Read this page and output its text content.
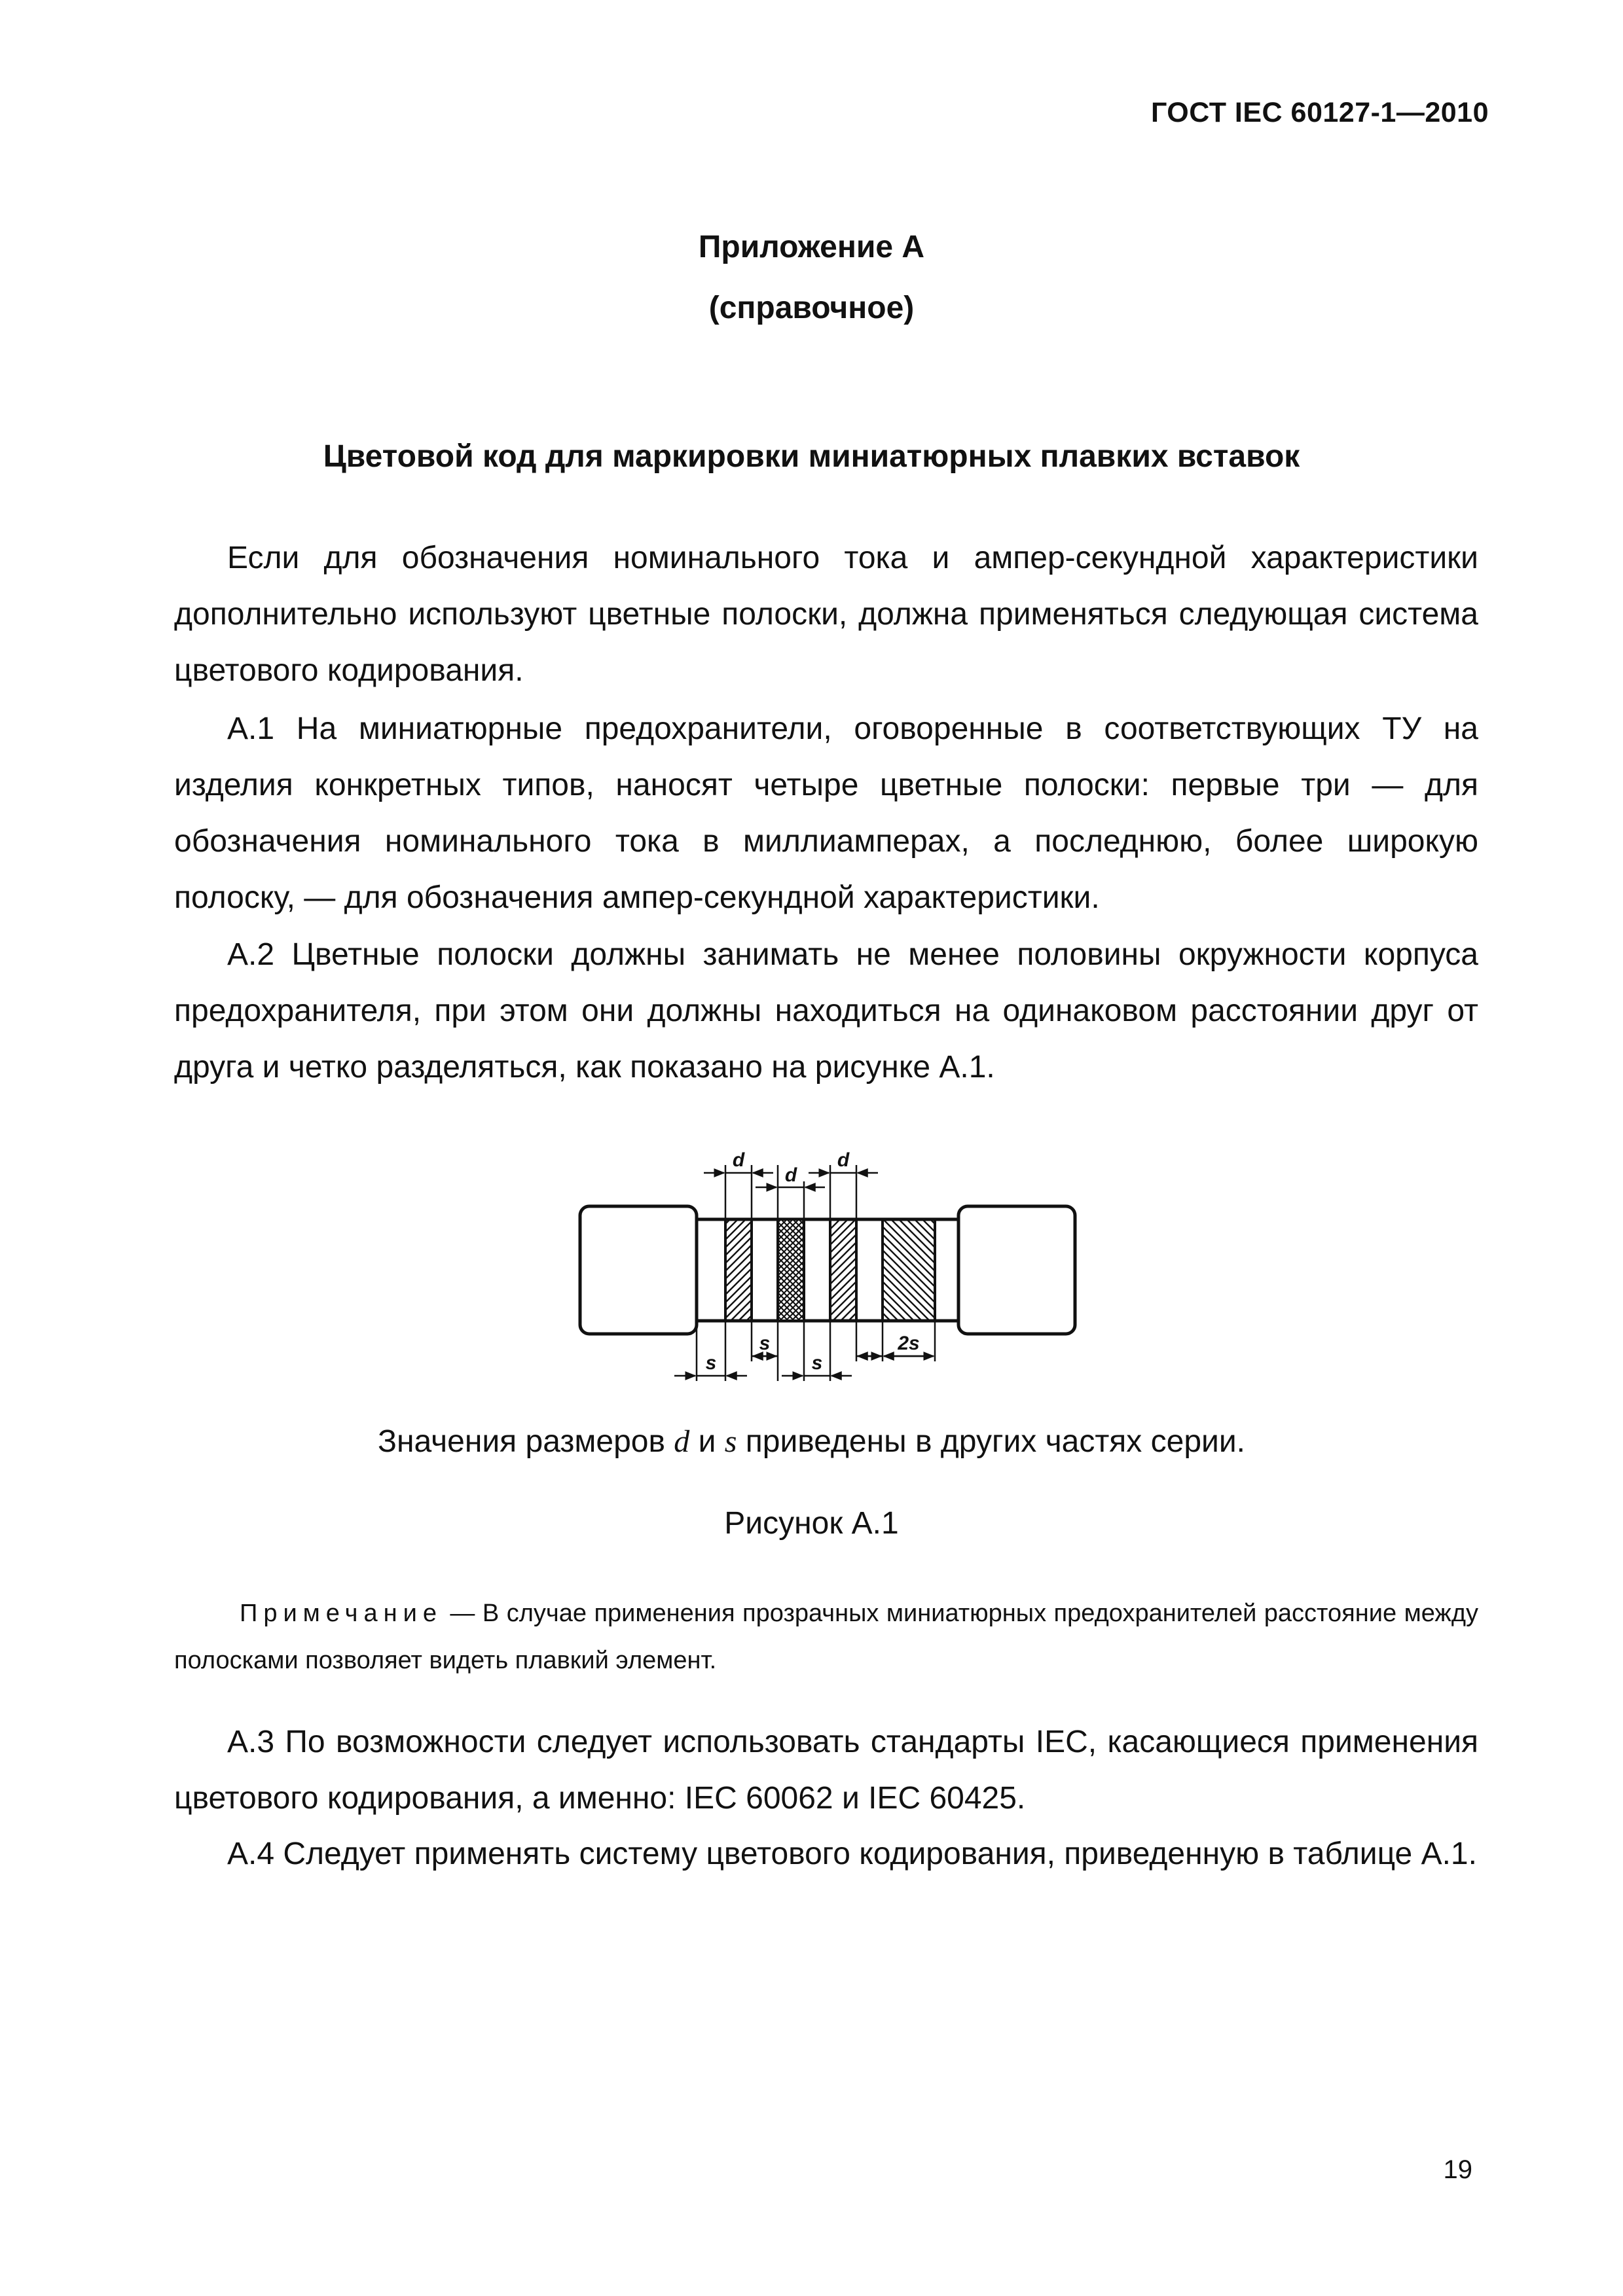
ГОСТ IEC 60127-1—2010
Приложение А
(справочное)
Цветовой код для маркировки миниатюрных плавких вставок

Если для обозначения номинального тока и ампер-секундной характеристики дополнительно используют цветные полоски, должна применяться следующая система цветового кодирования.

А.1 На миниатюрные предохранители, оговоренные в соответствующих ТУ на изделия конкретных типов, наносят четыре цветные полоски: первые три — для обозначения номинального тока в миллиамперах, а последнюю, более широкую полоску, — для обозначения ампер-секундной характеристики.

А.2 Цветные полоски должны занимать не менее половины окружности корпуса предохранителя, при этом они должны находиться на одинаковом расстоянии друг от друга и четко разделяться, как показано на рисунке А.1.

d
d
d
s	2s
s	s
Значения размеров d и s приведены в других частях серии.
Рисунок А.1

Примечание — В случае применения прозрачных миниатюрных предохранителей расстояние между полосками позволяет видеть плавкий элемент.

А.3 По возможности следует использовать стандарты IEC, касающиеся применения цветового кодирования, а именно: IEC 60062 и IEC 60425.

А.4 Следует применять систему цветового кодирования, приведенную в таблице А.1.

19
